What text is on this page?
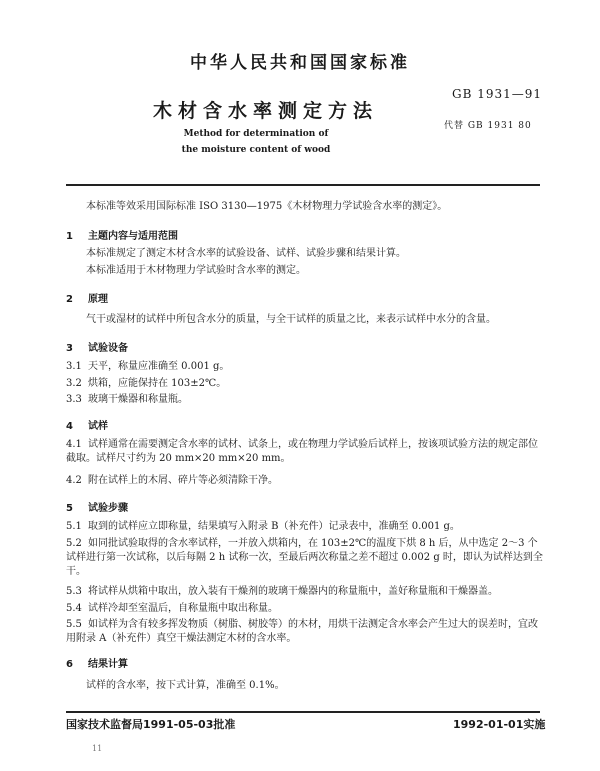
中华人民共和国国家标准
GB 1931—91
木材含水率测定方法
代替 GB 1931 80
Method for determination of
the moisture content of wood
本标准等效采用国际标准 ISO 3130—1975《木材物理力学试验含水率的测定》。
1 主题内容与适用范围
本标准规定了测定木材含水率的试验设备、试样、试验步骤和结果计算。
本标准适用于木材物理力学试验时含水率的测定。
2 原理
气干或湿材的试样中所包含水分的质量，与全干试样的质量之比，来表示试样中水分的含量。
3 试验设备
3.1 天平，称量应准确至 0.001 g。
3.2 烘箱，应能保持在 103±2℃。
3.3 玻璃干燥器和称量瓶。
4 试样
4.1 试样通常在需要测定含水率的试材、试条上，或在物理力学试验后试样上，按该项试验方法的规定部位截取。试样尺寸约为 20 mm×20 mm×20 mm。
4.2 附在试样上的木屑、碎片等必须清除干净。
5 试验步骤
5.1 取到的试样应立即称量，结果填写入附录 B（补充件）记录表中，准确至 0.001 g。
5.2 如同批试验取得的含水率试样，一并放入烘箱内，在 103±2℃的温度下烘 8 h 后，从中选定 2～3 个试样进行第一次试称，以后每隔 2 h 试称一次，至最后两次称量之差不超过 0.002 g 时，即认为试样达到全干。
5.3 将试样从烘箱中取出，放入装有干燥剂的玻璃干燥器内的称量瓶中，盖好称量瓶和干燥器盖。
5.4 试样冷却至室温后，自称量瓶中取出称量。
5.5 如试样为含有较多挥发物质（树脂、树胶等）的木材，用烘干法测定含水率会产生过大的误差时，宜改用附录 A（补充件）真空干燥法测定木材的含水率。
6 结果计算
试样的含水率，按下式计算，准确至 0.1%。
国家技术监督局1991-05-03批准	1992-01-01实施
11
